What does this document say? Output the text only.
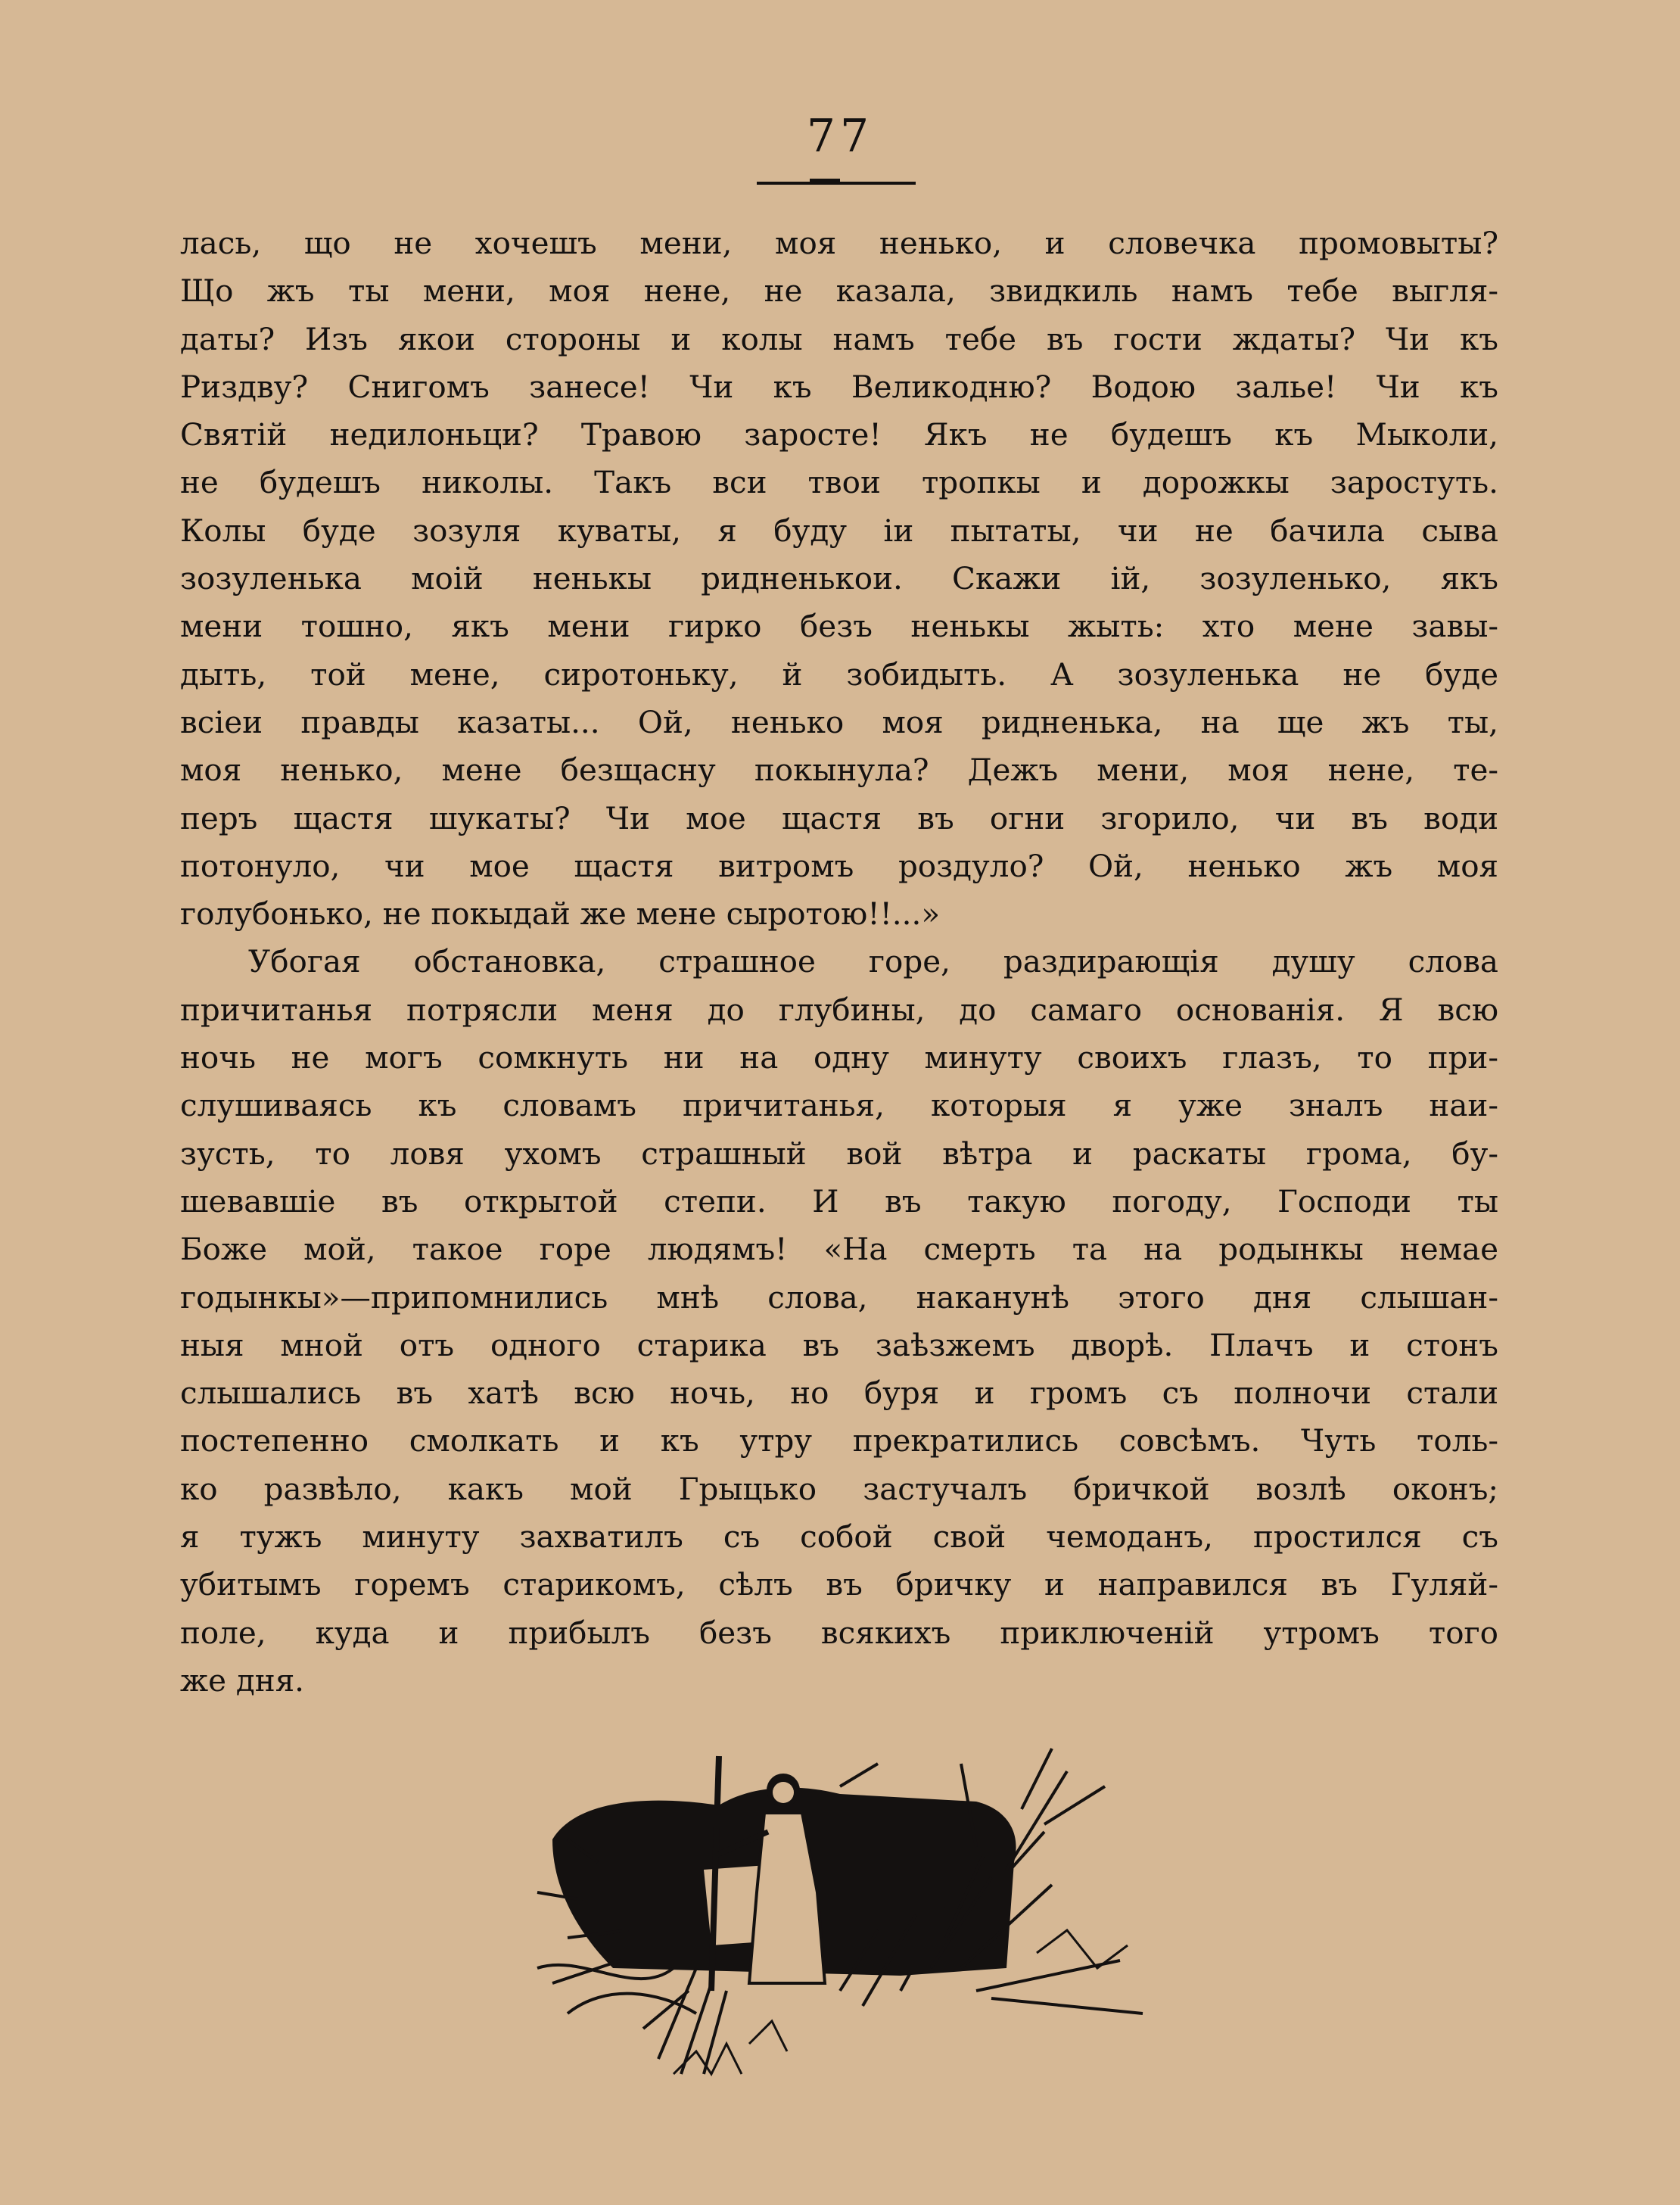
77
лась, що не хочешъ мени, моя ненько, и словечка промовыты?
Що жъ ты мени, моя нене, не казала, звидкиль намъ тебе выгля-
даты? Изъ якои стороны и колы намъ тебе въ гости ждаты? Чи къ
Риздву? Снигомъ занесе! Чи къ Великодню? Водою залье! Чи къ
Святій недилоньци? Травою заросте! Якъ не будешъ къ Мыколи,
не будешъ николы. Такъ вси твои тропкы и дорожкы заростуть.
Колы буде зозуля куваты, я буду іи пытаты, чи не бачила сыва
зозуленька моій ненькы ридненькои. Скажи ій, зозуленько, якъ
мени тошно, якъ мени гирко безъ ненькы жыть: хто мене завы-
дыть, той мене, сиротоньку, й зобидыть. А зозуленька не буде
всіеи правды казаты... Ой, ненько моя ридненька, на ще жъ ты,
моя ненько, мене безщасну покынула? Дежъ мени, моя нене, те-
перъ щастя шукаты? Чи мое щастя въ огни згорило, чи въ води
потонуло, чи мое щастя витромъ роздуло? Ой, ненько жъ моя
голубонько, не покыдай же мене сыротою!!...»
Убогая обстановка, страшное горе, раздирающія душу слова
причитанья потрясли меня до глубины, до самаго основанія. Я всю
ночь не могъ сомкнуть ни на одну минуту своихъ глазъ, то при-
слушиваясь къ словамъ причитанья, которыя я уже зналъ наи-
зусть, то ловя ухомъ страшный вой вѣтра и раскаты грома, бу-
шевавшіе въ открытой степи. И въ такую погоду, Господи ты
Боже мой, такое горе людямъ! «На смерть та на родынкы немае
годынкы»—припомнились мнѣ слова, наканунѣ этого дня слышан-
ныя мной отъ одного старика въ заѣзжемъ дворѣ. Плачъ и стонъ
слышались въ хатѣ всю ночь, но буря и громъ съ полночи стали
постепенно смолкать и къ утру прекратились совсѣмъ. Чуть толь-
ко развѣло, какъ мой Грыцько застучалъ бричкой возлѣ оконъ;
я тужъ минуту захватилъ съ собой свой чемоданъ, простился съ
убитымъ горемъ старикомъ, сѣлъ въ бричку и направился въ Гуляй-
поле, куда и прибылъ безъ всякихъ приключеній утромъ того
же дня.
